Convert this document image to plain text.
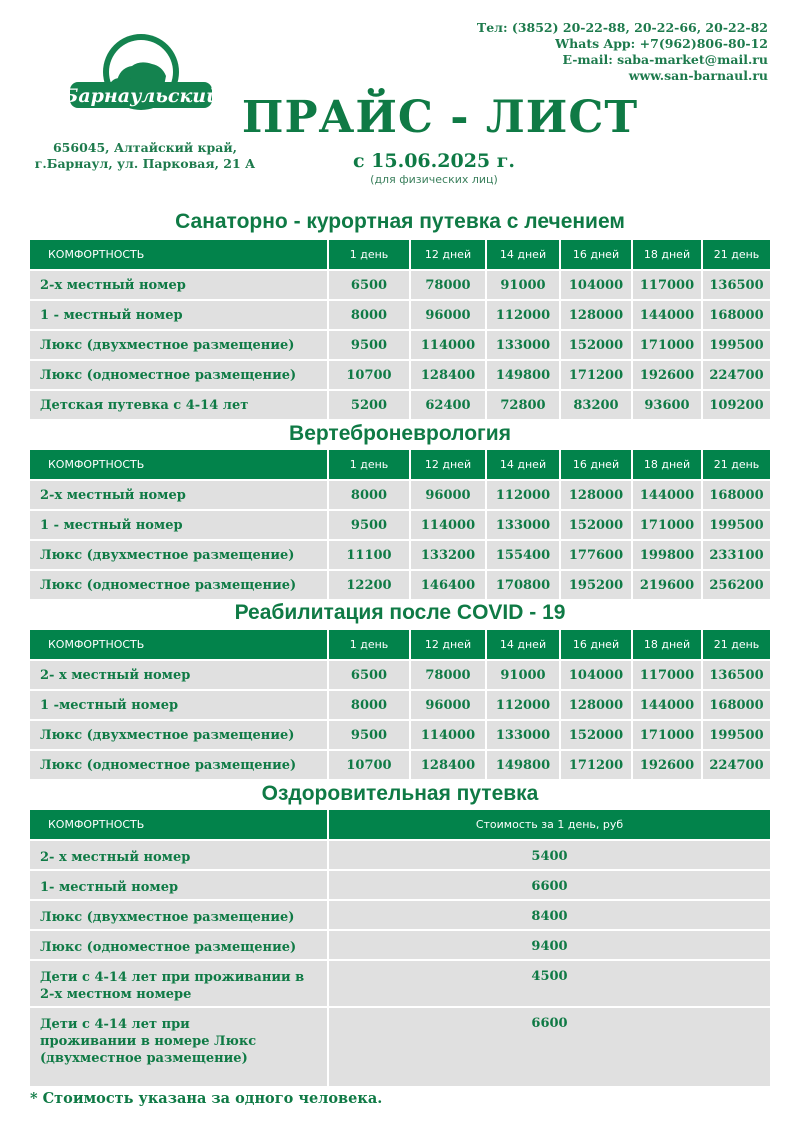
Барнаульский
656045, Алтайский край,
г.Барнаул, ул. Парковая, 21 А
Тел: (3852) 20-22-88, 20-22-66, 20-22-82
Whats App: +7(962)806-80-12
E-mail: saba-market@mail.ru
www.san-barnaul.ru
ПРАЙС - ЛИСТ
с 15.06.2025 г.
(для физических лиц)
Санаторно - курортная путевка с лечением
КОМФОРТНОСТЬ	1 день	12 дней	14 дней	16 дней	18 дней	21 день
2-х местный номер	6500	78000	91000	104000	117000	136500
1 - местный номер	8000	96000	112000	128000	144000	168000
Люкс (двухместное размещение)	9500	114000	133000	152000	171000	199500
Люкс (одноместное размещение)	10700	128400	149800	171200	192600	224700
Детская путевка с 4-14 лет	5200	62400	72800	83200	93600	109200
Вертеброневрология
КОМФОРТНОСТЬ	1 день	12 дней	14 дней	16 дней	18 дней	21 день
2-х местный номер	8000	96000	112000	128000	144000	168000
1 - местный номер	9500	114000	133000	152000	171000	199500
Люкс (двухместное размещение)	11100	133200	155400	177600	199800	233100
Люкс (одноместное размещение)	12200	146400	170800	195200	219600	256200
Реабилитация после COVID - 19
КОМФОРТНОСТЬ	1 день	12 дней	14 дней	16 дней	18 дней	21 день
2- х местный номер	6500	78000	91000	104000	117000	136500
1 -местный номер	8000	96000	112000	128000	144000	168000
Люкс (двухместное размещение)	9500	114000	133000	152000	171000	199500
Люкс (одноместное размещение)	10700	128400	149800	171200	192600	224700
Оздоровительная путевка
КОМФОРТНОСТЬ	Стоимость за 1 день, руб
2- х местный номер	5400
1- местный номер	6600
Люкс (двухместное размещение)	8400
Люкс (одноместное размещение)	9400
Дети с 4-14 лет при проживании в 2-х местном номере	4500
Дети с 4-14 лет при проживании в номере Люкс (двухместное размещение)	6600
* Стоимость указана за одного человека.
